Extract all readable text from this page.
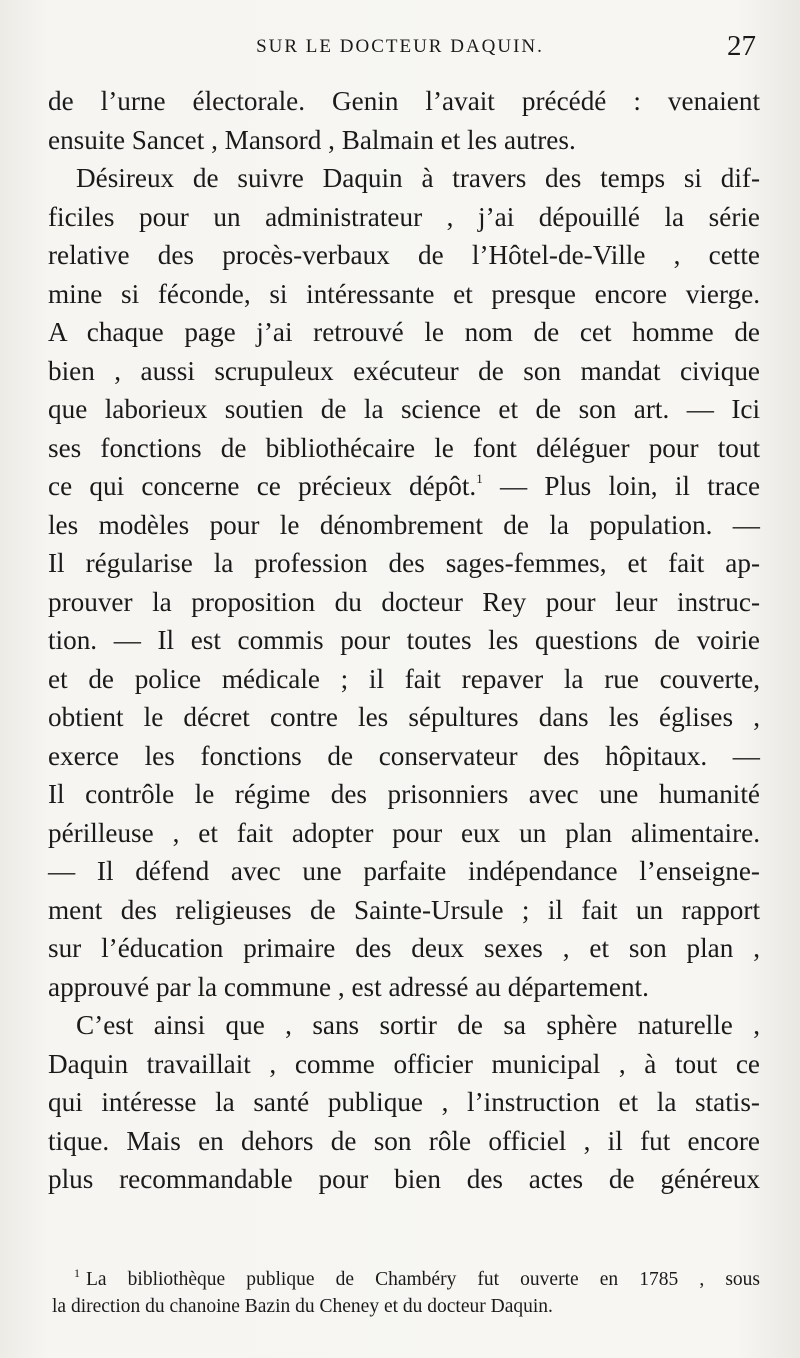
SUR LE DOCTEUR DAQUIN.	27
de l’urne électorale. Genin l’avait précédé : venaient
ensuite Sancet , Mansord , Balmain et les autres.
Désireux de suivre Daquin à travers des temps si dif-
ficiles pour un administrateur , j’ai dépouillé la série
relative des procès-verbaux de l’Hôtel-de-Ville , cette
mine si féconde, si intéressante et presque encore vierge.
A chaque page j’ai retrouvé le nom de cet homme de
bien , aussi scrupuleux exécuteur de son mandat civique
que laborieux soutien de la science et de son art. — Ici
ses fonctions de bibliothécaire le font déléguer pour tout
ce qui concerne ce précieux dépôt.$^1$ — Plus loin, il trace
les modèles pour le dénombrement de la population. —
Il régularise la profession des sages-femmes, et fait ap-
prouver la proposition du docteur Rey pour leur instruc-
tion. — Il est commis pour toutes les questions de voirie
et de police médicale ; il fait repaver la rue couverte,
obtient le décret contre les sépultures dans les églises ,
exerce les fonctions de conservateur des hôpitaux. —
Il contrôle le régime des prisonniers avec une humanité
périlleuse , et fait adopter pour eux un plan alimentaire.
— Il défend avec une parfaite indépendance l’enseigne-
ment des religieuses de Sainte-Ursule ; il fait un rapport
sur l’éducation primaire des deux sexes , et son plan ,
approuvé par la commune , est adressé au département.
C’est ainsi que , sans sortir de sa sphère naturelle ,
Daquin travaillait , comme officier municipal , à tout ce
qui intéresse la santé publique , l’instruction et la statis-
tique. Mais en dehors de son rôle officiel , il fut encore
plus recommandable pour bien des actes de généreux
$^1$ La bibliothèque publique de Chambéry fut ouverte en 1785 , sous
la direction du chanoine Bazin du Cheney et du docteur Daquin.
